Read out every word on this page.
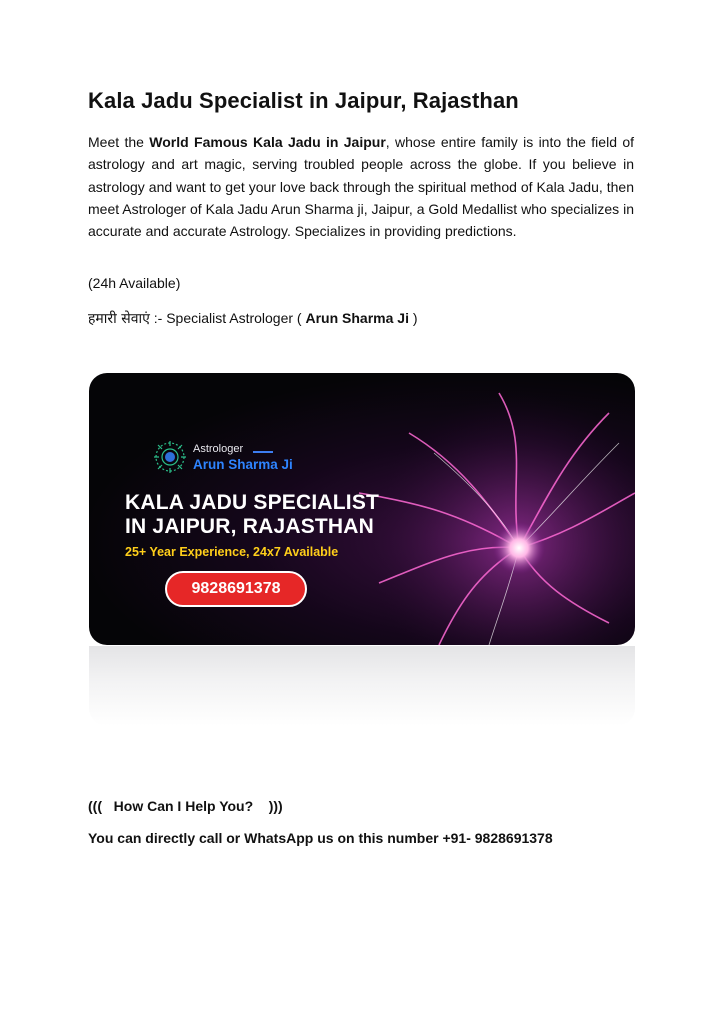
Kala Jadu Specialist in Jaipur, Rajasthan

Meet the World Famous Kala Jadu in Jaipur, whose entire family is into the field of astrology and art magic, serving troubled people across the globe. If you believe in astrology and want to get your love back through the spiritual method of Kala Jadu, then meet Astrologer of Kala Jadu Arun Sharma ji, Jaipur, a Gold Medallist who specializes in accurate and accurate Astrology. Specializes in providing predictions.

(24h Available)

हमारी सेवाएं :- Specialist Astrologer ( Arun Sharma Ji )

Astrologer
Arun Sharma Ji
KALA JADU SPECIALIST
IN JAIPUR, RAJASTHAN
25+ Year Experience, 24x7 Available
9828691378

(((   How Can I Help You?    )))

You can directly call or WhatsApp us on this number +91- 9828691378
